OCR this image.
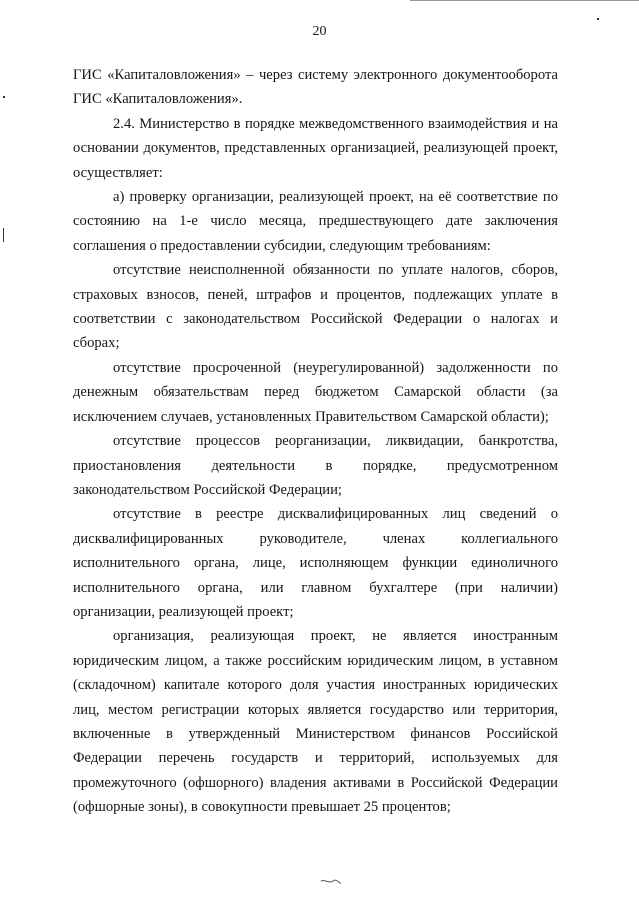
20

ГИС «Капиталовложения» – через систему электронного документооборота ГИС «Капиталовложения».

2.4. Министерство в порядке межведомственного взаимодействия и на основании документов, представленных организацией, реализующей проект, осуществляет:

а) проверку организации, реализующей проект, на её соответствие по состоянию на 1-е число месяца, предшествующего дате заключения соглашения о предоставлении субсидии, следующим требованиям:

отсутствие неисполненной обязанности по уплате налогов, сборов, страховых взносов, пеней, штрафов и процентов, подлежащих уплате в соответствии с законодательством Российской Федерации о налогах и сборах;

отсутствие просроченной (неурегулированной) задолженности по денежным обязательствам перед бюджетом Самарской области (за исключением случаев, установленных Правительством Самарской области);

отсутствие процессов реорганизации, ликвидации, банкротства, приостановления деятельности в порядке, предусмотренном законодательством Российской Федерации;

отсутствие в реестре дисквалифицированных лиц сведений о дисквалифицированных руководителе, членах коллегиального исполнительного органа, лице, исполняющем функции единоличного исполнительного органа, или главном бухгалтере (при наличии) организации, реализующей проект;

организация, реализующая проект, не является иностранным юридическим лицом, а также российским юридическим лицом, в уставном (складочном) капитале которого доля участия иностранных юридических лиц, местом регистрации которых является государство или территория, включенные в утвержденный Министерством финансов Российской Федерации перечень государств и территорий, используемых для промежуточного (офшорного) владения активами в Российской Федерации (офшорные зоны), в совокупности превышает 25 процентов;
